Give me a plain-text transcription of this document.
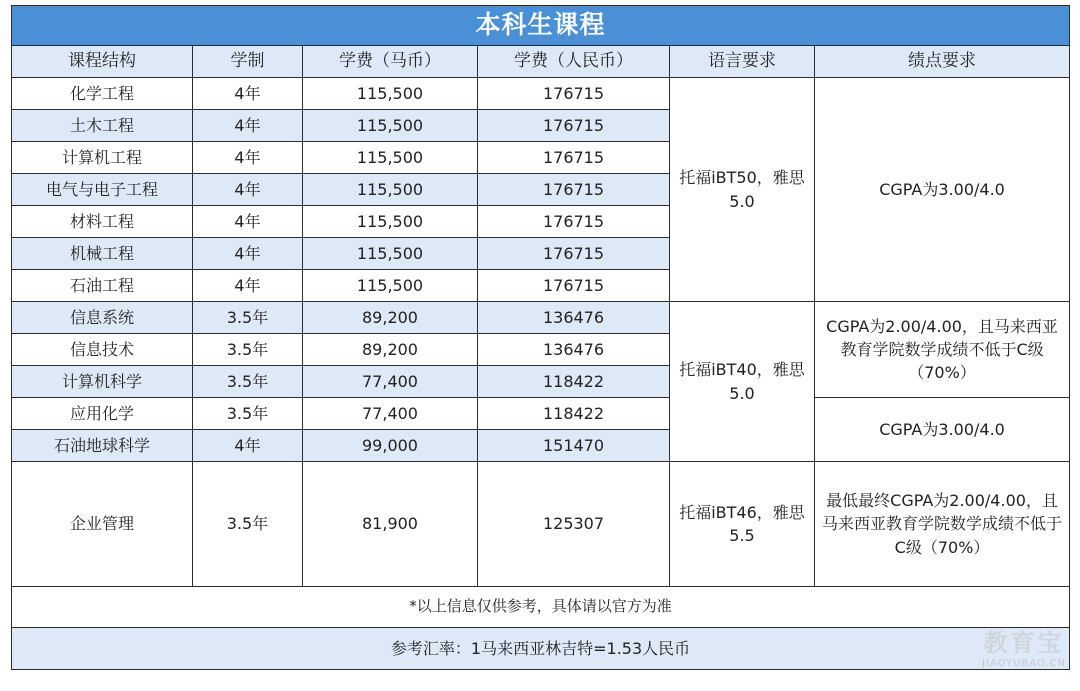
本科生课程					
课程结构	学制	学费（马币）	学费（人民币）	语言要求	绩点要求
化学工程	4年	115,500	176715	托福iBT50，雅思5.0	CGPA为3.00/4.0
土木工程	4年	115,500	176715		
计算机工程	4年	115,500	176715		
电气与电子工程	4年	115,500	176715		
材料工程	4年	115,500	176715		
机械工程	4年	115,500	176715		
石油工程	4年	115,500	176715		
信息系统	3.5年	89,200	136476	托福iBT40，雅思5.0	CGPA为2.00/4.00，且马来西亚教育学院数学成绩不低于C级（70%）
信息技术	3.5年	89,200	136476		
计算机科学	3.5年	77,400	118422		
应用化学	3.5年	77,400	118422		CGPA为3.00/4.0
石油地球科学	4年	99,000	151470		
企业管理	3.5年	81,900	125307	托福iBT46，雅思5.5	最低最终CGPA为2.00/4.00，且马来西亚教育学院数学成绩不低于C级（70%）
*以上信息仅供参考，具体请以官方为准					
参考汇率：1马来西亚林吉特=1.53人民币						教育宝
JIAOYUBAO.CN
